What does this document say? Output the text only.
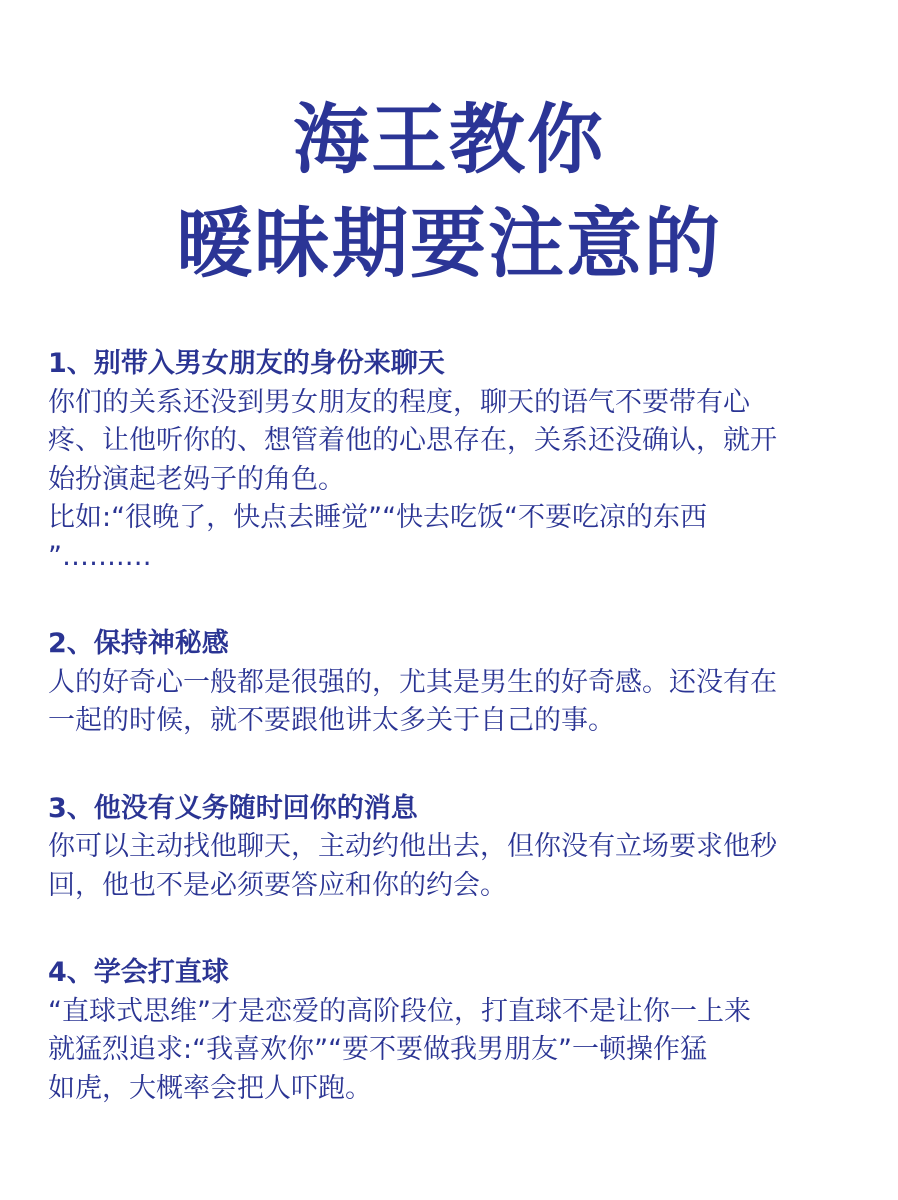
海王教你
暧昧期要注意的
1、别带入男女朋友的身份来聊天
你们的关系还没到男女朋友的程度，聊天的语气不要带有心
疼、让他听你的、想管着他的心思存在，关系还没确认，就开
始扮演起老妈子的角色。
比如:“很晚了，快点去睡觉”“快去吃饭“不要吃凉的东西
”…….…
2、保持神秘感
人的好奇心一般都是很强的，尤其是男生的好奇感。还没有在
一起的时候，就不要跟他讲太多关于自己的事。
3、他没有义务随时回你的消息
你可以主动找他聊天，主动约他出去，但你没有立场要求他秒
回，他也不是必须要答应和你的约会。
4、学会打直球
“直球式思维”才是恋爱的高阶段位，打直球不是让你一上来
就猛烈追求:“我喜欢你”“要不要做我男朋友”一顿操作猛
如虎，大概率会把人吓跑。
